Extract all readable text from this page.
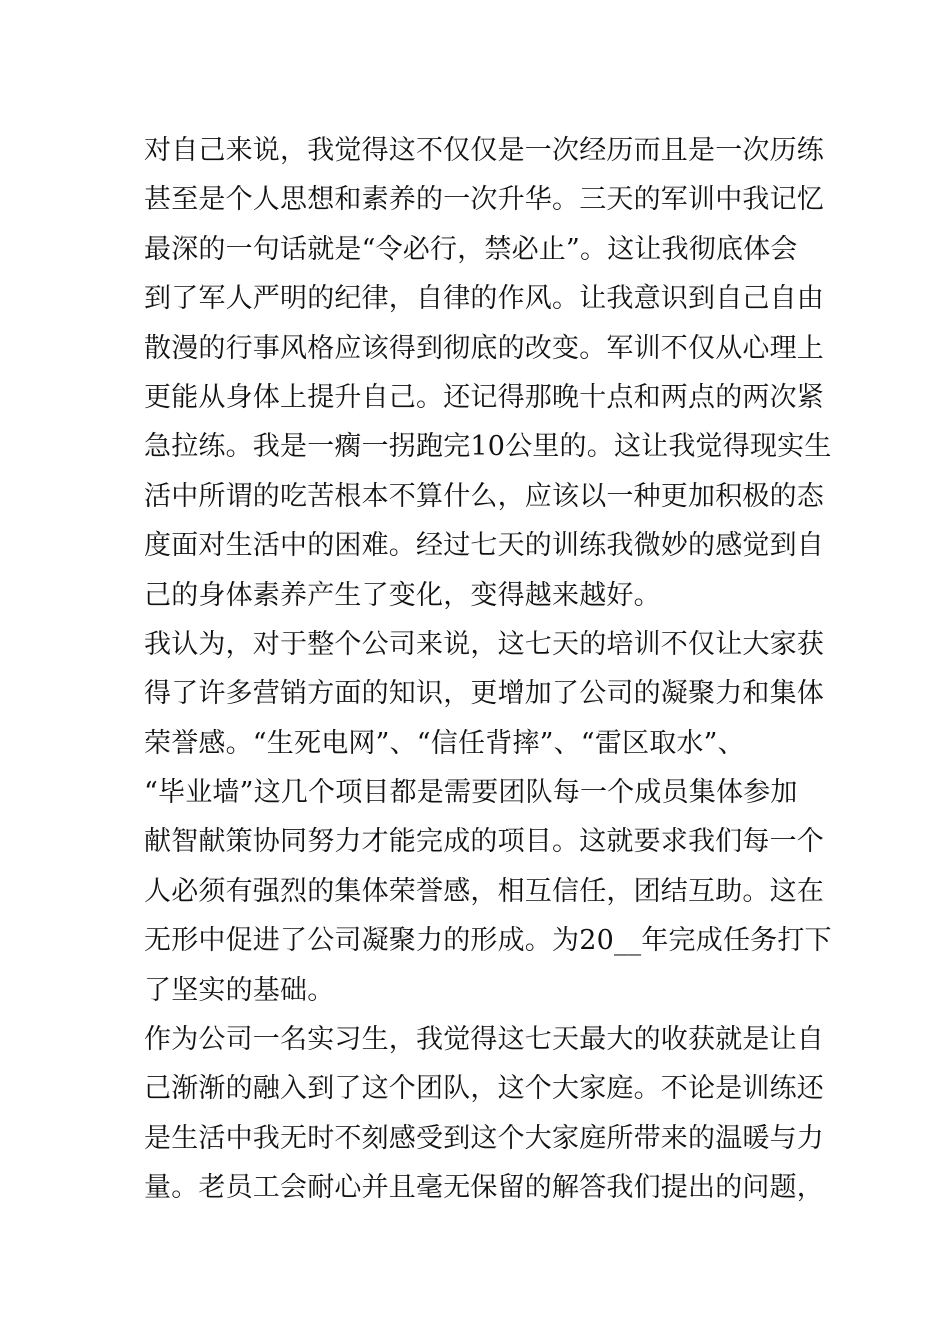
对自己来说，我觉得这不仅仅是一次经历而且是一次历练
甚至是个人思想和素养的一次升华。三天的军训中我记忆
最深的一句话就是“令必行，禁必止”。这让我彻底体会
到了军人严明的纪律，自律的作风。让我意识到自己自由
散漫的行事风格应该得到彻底的改变。军训不仅从心理上
更能从身体上提升自己。还记得那晚十点和两点的两次紧
急拉练。我是一瘸一拐跑完10公里的。这让我觉得现实生
活中所谓的吃苦根本不算什么，应该以一种更加积极的态
度面对生活中的困难。经过七天的训练我微妙的感觉到自
己的身体素养产生了变化，变得越来越好。
我认为，对于整个公司来说，这七天的培训不仅让大家获
得了许多营销方面的知识，更增加了公司的凝聚力和集体
荣誉感。“生死电网”、“信任背摔”、“雷区取水”、
“毕业墙”这几个项目都是需要团队每一个成员集体参加
献智献策协同努力才能完成的项目。这就要求我们每一个
人必须有强烈的集体荣誉感，相互信任，团结互助。这在
无形中促进了公司凝聚力的形成。为20__年完成任务打下
了坚实的基础。
作为公司一名实习生，我觉得这七天最大的收获就是让自
己渐渐的融入到了这个团队，这个大家庭。不论是训练还
是生活中我无时不刻感受到这个大家庭所带来的温暖与力
量。老员工会耐心并且毫无保留的解答我们提出的问题，
